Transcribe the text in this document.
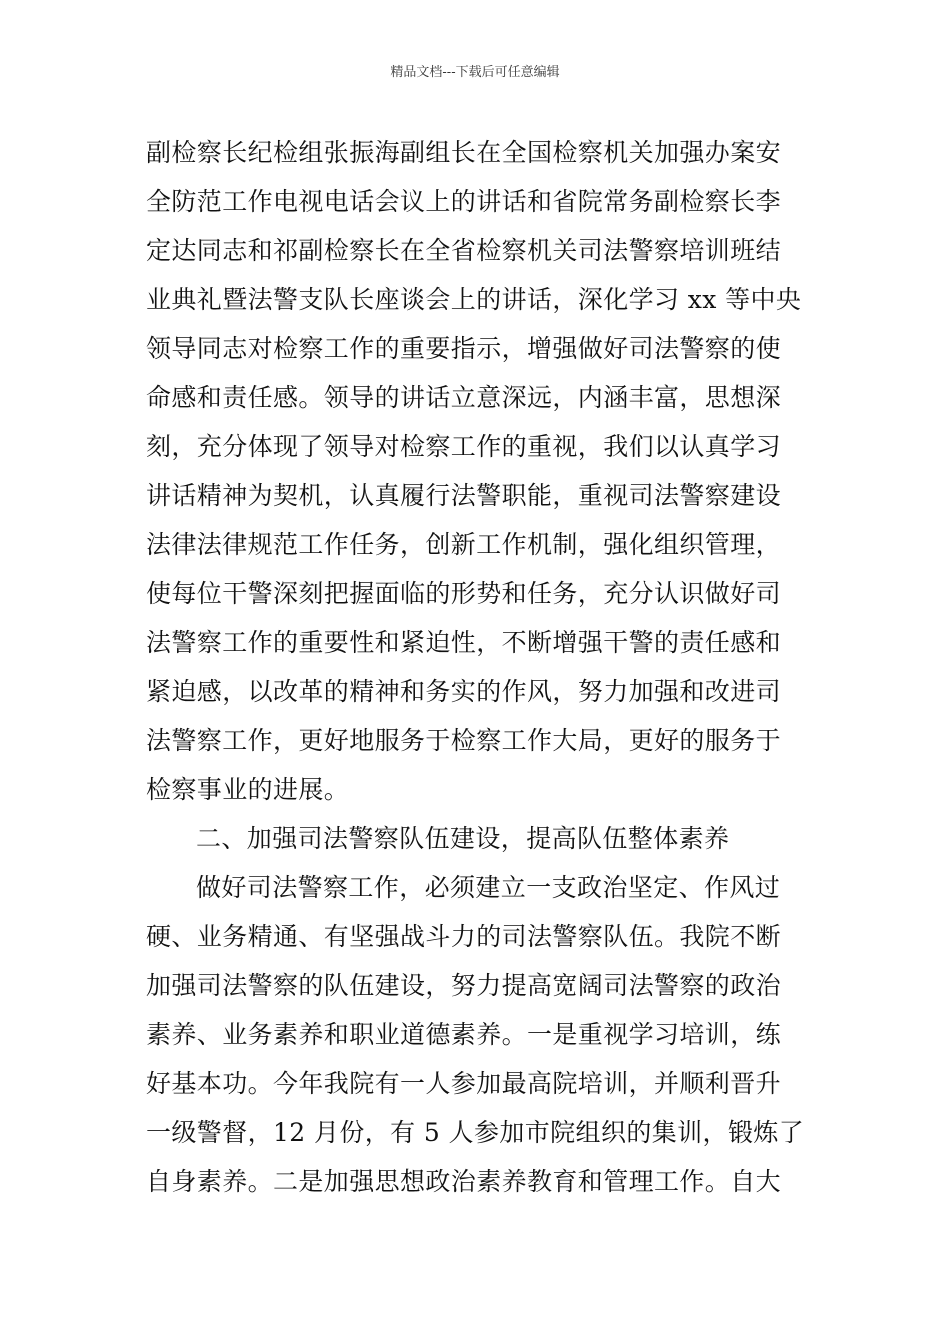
精品文档---下载后可任意编辑
副检察长纪检组张振海副组长在全国检察机关加强办案安
全防范工作电视电话会议上的讲话和省院常务副检察长李
定达同志和祁副检察长在全省检察机关司法警察培训班结
业典礼暨法警支队长座谈会上的讲话，深化学习 xx 等中央
领导同志对检察工作的重要指示，增强做好司法警察的使
命感和责任感。领导的讲话立意深远，内涵丰富，思想深
刻，充分体现了领导对检察工作的重视，我们以认真学习
讲话精神为契机，认真履行法警职能，重视司法警察建设
法律法律规范工作任务，创新工作机制，强化组织管理，
使每位干警深刻把握面临的形势和任务，充分认识做好司
法警察工作的重要性和紧迫性，不断增强干警的责任感和
紧迫感，以改革的精神和务实的作风，努力加强和改进司
法警察工作，更好地服务于检察工作大局，更好的服务于
检察事业的进展。
二、加强司法警察队伍建设，提高队伍整体素养
做好司法警察工作，必须建立一支政治坚定、作风过
硬、业务精通、有坚强战斗力的司法警察队伍。我院不断
加强司法警察的队伍建设，努力提高宽阔司法警察的政治
素养、业务素养和职业道德素养。一是重视学习培训，练
好基本功。今年我院有一人参加最高院培训，并顺利晋升
一级警督，12 月份，有 5 人参加市院组织的集训，锻炼了
自身素养。二是加强思想政治素养教育和管理工作。自大
